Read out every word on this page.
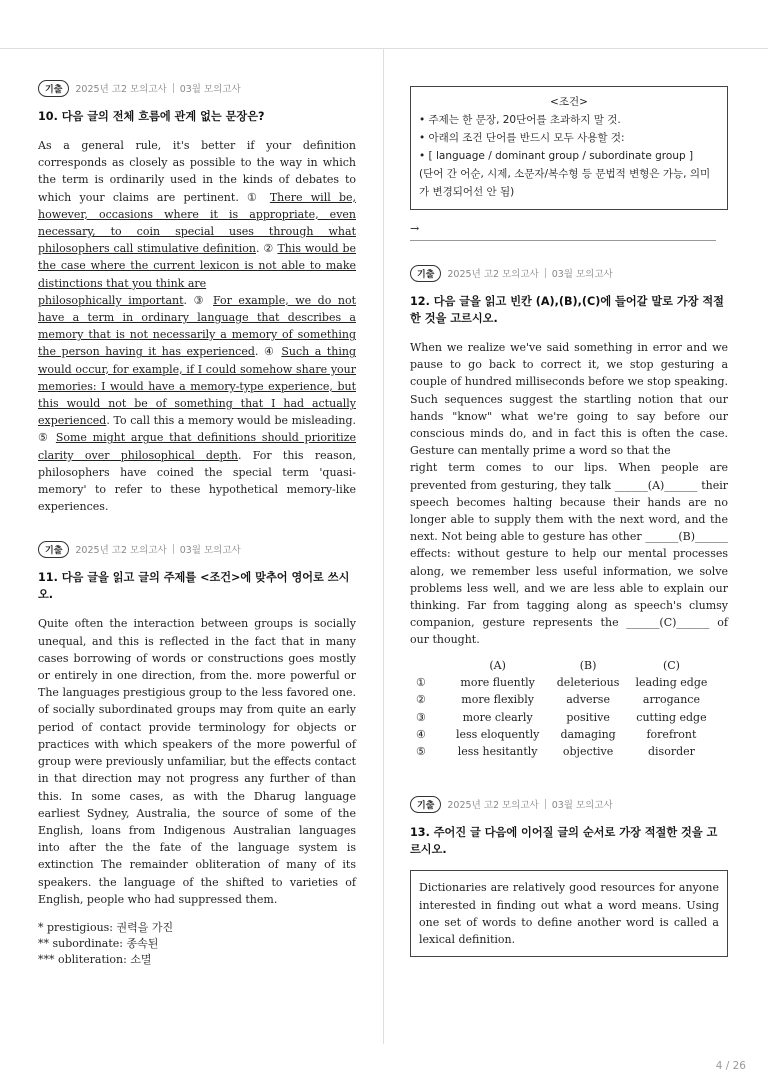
기출	2025년 고2 모의고사 03월 모의고사

10. 다음 글의 전체 흐름에 관계 없는 문장은?

As a general rule, it's better if your definition corresponds as closely as possible to the way in which the term is ordinarily used in the kinds of debates to which your claims are pertinent. ① There will be, however, occasions where it is appropriate, even necessary, to coin special uses through what philosophers call stimulative definition. ② This would be the case where the current lexicon is not able to make distinctions that you think are
philosophically important. ③ For example, we do not have a term in ordinary language that describes a memory that is not necessarily a memory of something the person having it has experienced. ④ Such a thing would occur, for example, if I could somehow share your memories: I would have a memory-type experience, but this would not be of something that I had actually experienced. To call this a memory would be misleading. ⑤ Some might argue that definitions should prioritize clarity over philosophical depth. For this reason, philosophers have coined the special term 'quasi-memory' to refer to these hypothetical memory-like experiences.

기출	2025년 고2 모의고사 03월 모의고사

11. 다음 글을 읽고 글의 주제를 <조건>에 맞추어 영어로 쓰시오.

Quite often the interaction between groups is socially unequal, and this is reflected in the fact that in many cases borrowing of words or constructions goes mostly or entirely in one direction, from the. more powerful or The languages prestigious group to the less favored one. of socially subordinated groups may from quite an early period of contact provide terminology for objects or practices with which speakers of the more powerful of group were previously unfamiliar, but the effects contact in that direction may not progress any further of than this. In some cases, as with the Dharug language earliest Sydney, Australia, the source of some of the English, loans from Indigenous Australian languages into after the the fate of the language system is extinction The remainder obliteration of many of its speakers. the language of the shifted to varieties of English, people who had suppressed them.

* prestigious: 권력을 가진
** subordinate: 종속된
*** obliteration: 소멸
<조건>
• 주제는 한 문장, 20단어를 초과하지 말 것.
• 아래의 조건 단어를 반드시 모두 사용할 것:
• [ language / dominant group / subordinate group ]
(단어 간 어순, 시제, 소문자/복수형 등 문법적 변형은 가능, 의미가 변경되어선 안 됨)
→
기출	2025년 고2 모의고사 03월 모의고사

12. 다음 글을 읽고 빈칸 (A),(B),(C)에 들어갈 말로 가장 적절한 것을 고르시오.

When we realize we've said something in error and we pause to go back to correct it, we stop gesturing a couple of hundred milliseconds before we stop speaking. Such sequences suggest the startling notion that our hands "know" what we're going to say before our conscious minds do, and in fact this is often the case. Gesture can mentally prime a word so that the
right term comes to our lips. When people are prevented from gesturing, they talk ______(A)______ their speech becomes halting because their hands are no longer able to supply them with the next word, and the next. Not being able to gesture has other ______(B)______ effects: without gesture to help our mental processes along, we remember less useful information, we solve problems less well, and we are less able to explain our thinking. Far from tagging along as speech's clumsy companion, gesture represents the ______(C)______ of our thought.

	(A)	(B)	(C)
①	more fluently	deleterious	leading edge
②	more flexibly	adverse	arrogance
③	more clearly	positive	cutting edge
④	less eloquently	damaging	forefront
⑤	less hesitantly	objective	disorder
기출	2025년 고2 모의고사 03월 모의고사

13. 주어진 글 다음에 이어질 글의 순서로 가장 적절한 것을 고르시오.

Dictionaries are relatively good resources for anyone interested in finding out what a word means. Using one set of words to define another word is called a lexical definition.
4 / 26
